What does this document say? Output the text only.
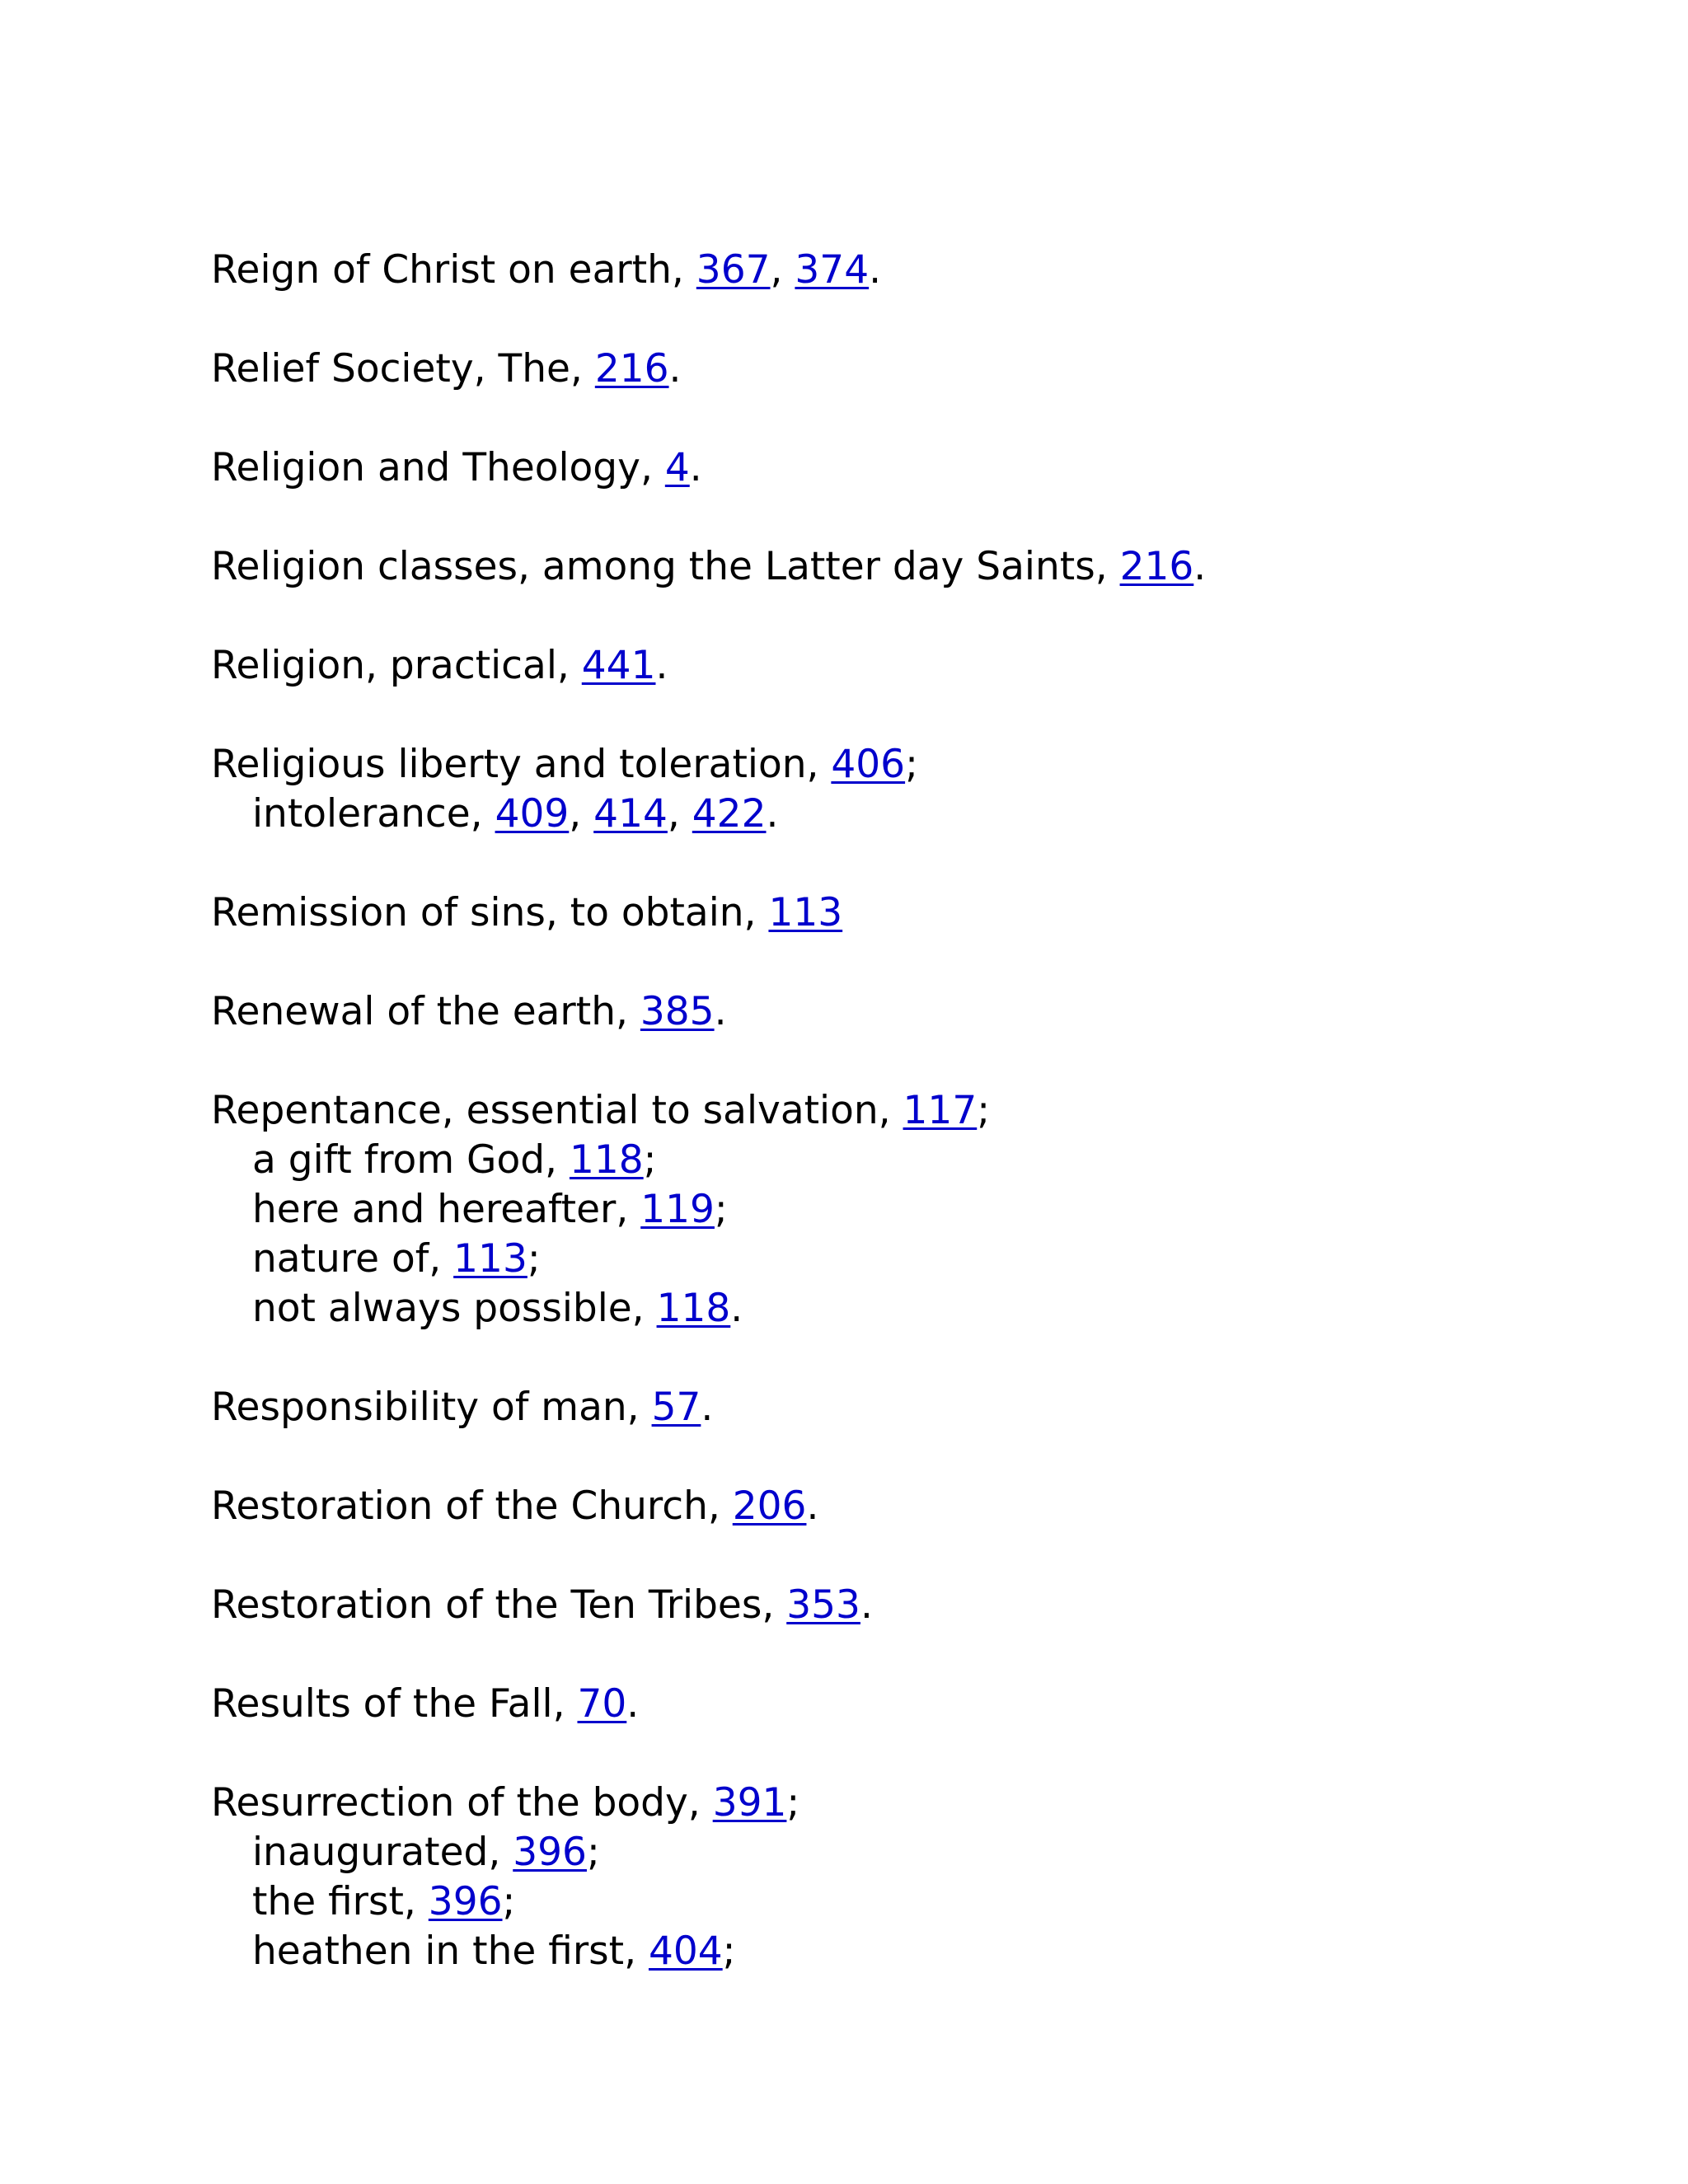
Reign of Christ on earth, 367, 374.
Relief Society, The, 216.
Religion and Theology, 4.
Religion classes, among the Latter day Saints, 216.
Religion, practical, 441.
Religious liberty and toleration, 406;
intolerance, 409, 414, 422.
Remission of sins, to obtain, 113
Renewal of the earth, 385.
Repentance, essential to salvation, 117;
a gift from God, 118;
here and hereafter, 119;
nature of, 113;
not always possible, 118.
Responsibility of man, 57.
Restoration of the Church, 206.
Restoration of the Ten Tribes, 353.
Results of the Fall, 70.
Resurrection of the body, 391;
inaugurated, 396;
the first, 396;
heathen in the first, 404;
